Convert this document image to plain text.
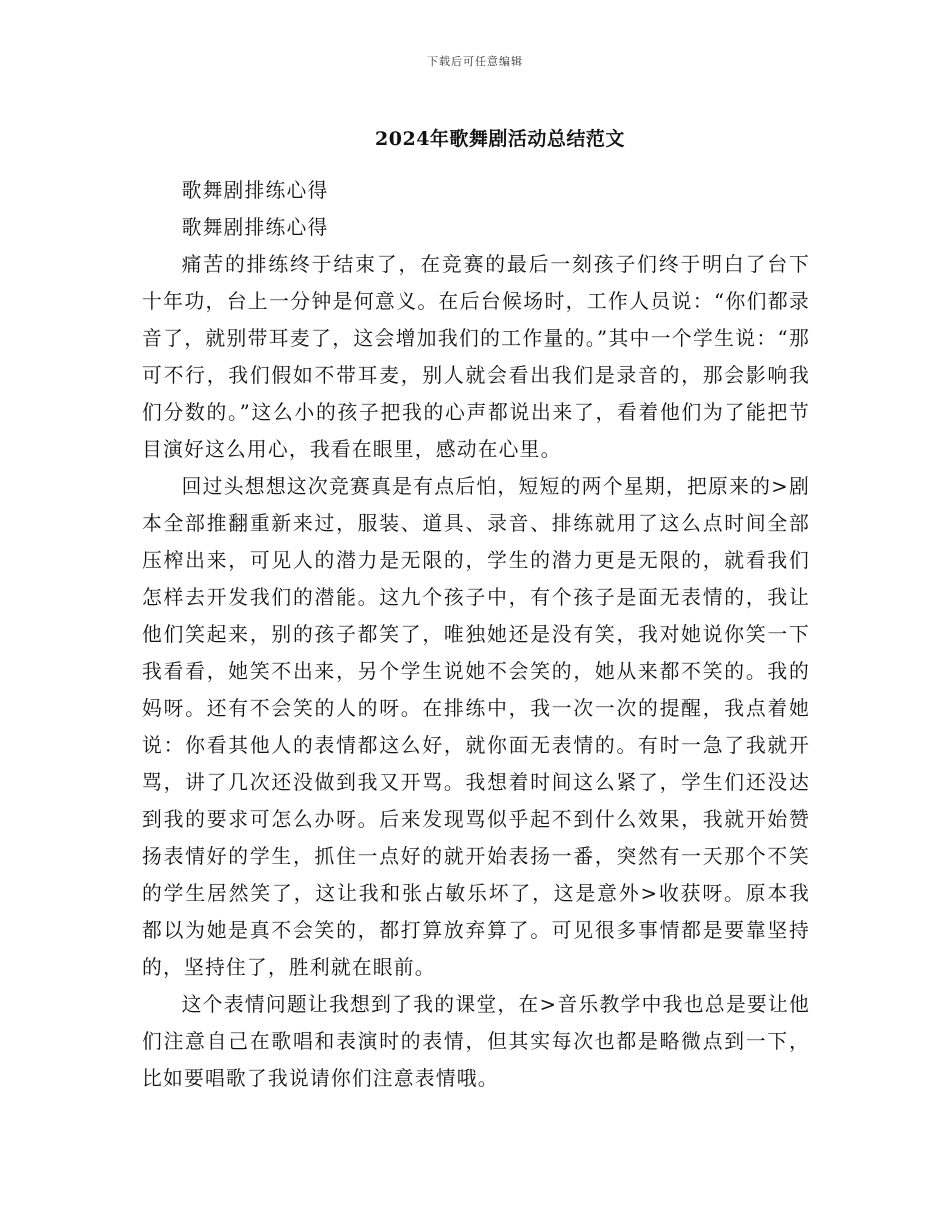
下载后可任意编辑
2024年歌舞剧活动总结范文

歌舞剧排练心得

歌舞剧排练心得

痛苦的排练终于结束了，在竞赛的最后一刻孩子们终于明白了台下十年功，台上一分钟是何意义。在后台候场时，工作人员说：“你们都录音了，就别带耳麦了，这会增加我们的工作量的。”其中一个学生说：“那可不行，我们假如不带耳麦，别人就会看出我们是录音的，那会影响我们分数的。”这么小的孩子把我的心声都说出来了，看着他们为了能把节目演好这么用心，我看在眼里，感动在心里。

回过头想想这次竞赛真是有点后怕，短短的两个星期，把原来的>剧本全部推翻重新来过，服装、道具、录音、排练就用了这么点时间全部压榨出来，可见人的潜力是无限的，学生的潜力更是无限的，就看我们怎样去开发我们的潜能。这九个孩子中，有个孩子是面无表情的，我让他们笑起来，别的孩子都笑了，唯独她还是没有笑，我对她说你笑一下我看看，她笑不出来，另个学生说她不会笑的，她从来都不笑的。我的妈呀。还有不会笑的人的呀。在排练中，我一次一次的提醒，我点着她说：你看其他人的表情都这么好，就你面无表情的。有时一急了我就开骂，讲了几次还没做到我又开骂。我想着时间这么紧了，学生们还没达到我的要求可怎么办呀。后来发现骂似乎起不到什么效果，我就开始赞扬表情好的学生，抓住一点好的就开始表扬一番，突然有一天那个不笑的学生居然笑了，这让我和张占敏乐坏了，这是意外>收获呀。原本我都以为她是真不会笑的，都打算放弃算了。可见很多事情都是要靠坚持的，坚持住了，胜利就在眼前。

这个表情问题让我想到了我的课堂，在>音乐教学中我也总是要让他们注意自己在歌唱和表演时的表情，但其实每次也都是略微点到一下，比如要唱歌了我说请你们注意表情哦。
